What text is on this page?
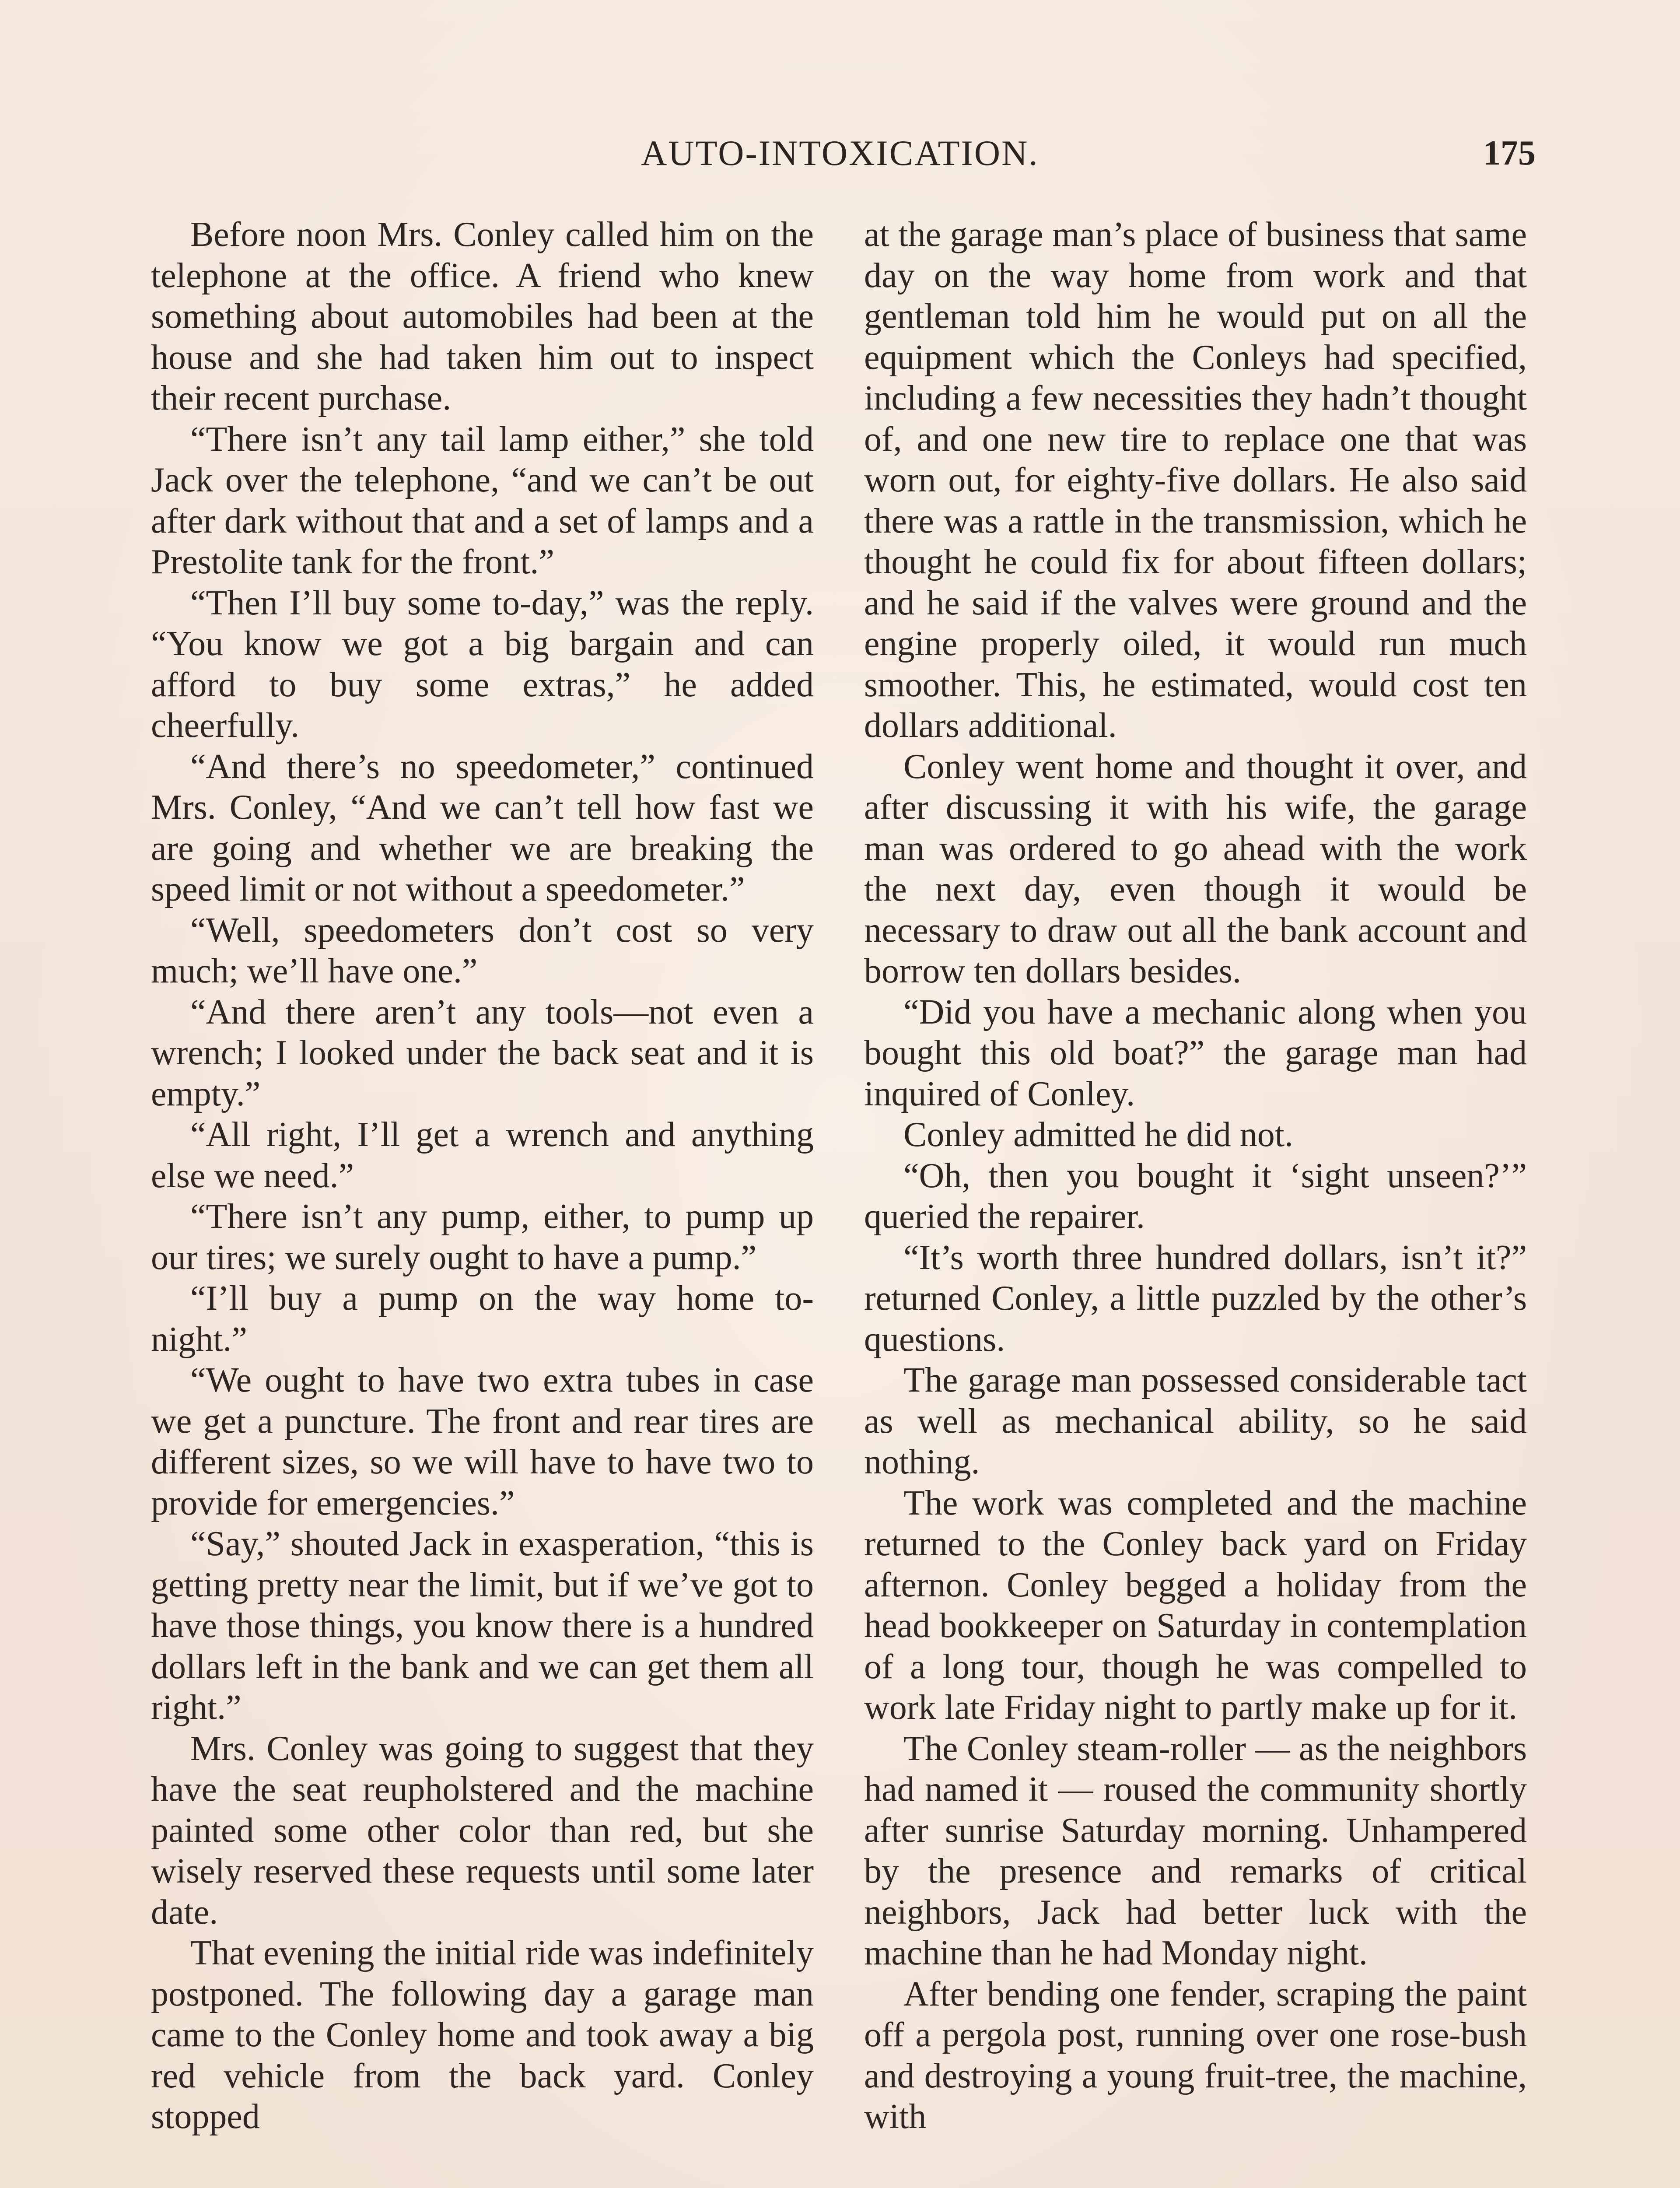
AUTO-INTOXICATION.	175

Before noon Mrs. Conley called him on the telephone at the office. A friend who knew something about automobiles had been at the house and she had taken him out to inspect their recent purchase.

“There isn’t any tail lamp either,” she told Jack over the telephone, “and we can’t be out after dark without that and a set of lamps and a Prestolite tank for the front.”

“Then I’ll buy some to-day,” was the reply. “You know we got a big bargain and can afford to buy some extras,” he added cheerfully.

“And there’s no speedometer,” continued Mrs. Conley, “And we can’t tell how fast we are going and whether we are breaking the speed limit or not without a speedometer.”

“Well, speedometers don’t cost so very much; we’ll have one.”

“And there aren’t any tools—not even a wrench; I looked under the back seat and it is empty.”

“All right, I’ll get a wrench and anything else we need.”

“There isn’t any pump, either, to pump up our tires; we surely ought to have a pump.”

“I’ll buy a pump on the way home to-night.”

“We ought to have two extra tubes in case we get a puncture. The front and rear tires are different sizes, so we will have to have two to provide for emergencies.”

“Say,” shouted Jack in exasperation, “this is getting pretty near the limit, but if we’ve got to have those things, you know there is a hundred dollars left in the bank and we can get them all right.”

Mrs. Conley was going to suggest that they have the seat reupholstered and the machine painted some other color than red, but she wisely reserved these requests until some later date.

That evening the initial ride was indefinitely postponed. The following day a garage man came to the Conley home and took away a big red vehicle from the back yard. Conley stopped

at the garage man’s place of business that same day on the way home from work and that gentleman told him he would put on all the equipment which the Conleys had specified, including a few necessities they hadn’t thought of, and one new tire to replace one that was worn out, for eighty-five dollars. He also said there was a rattle in the transmission, which he thought he could fix for about fifteen dollars; and he said if the valves were ground and the engine properly oiled, it would run much smoother. This, he estimated, would cost ten dollars additional.

Conley went home and thought it over, and after discussing it with his wife, the garage man was ordered to go ahead with the work the next day, even though it would be necessary to draw out all the bank account and borrow ten dollars besides.

“Did you have a mechanic along when you bought this old boat?” the garage man had inquired of Conley.

Conley admitted he did not.

“Oh, then you bought it ‘sight unseen?’” queried the repairer.

“It’s worth three hundred dollars, isn’t it?” returned Conley, a little puzzled by the other’s questions.

The garage man possessed considerable tact as well as mechanical ability, so he said nothing.

The work was completed and the machine returned to the Conley back yard on Friday afternon. Conley begged a holiday from the head bookkeeper on Saturday in contemplation of a long tour, though he was compelled to work late Friday night to partly make up for it.

The Conley steam-roller — as the neighbors had named it — roused the community shortly after sunrise Saturday morning. Unhampered by the presence and remarks of critical neighbors, Jack had better luck with the machine than he had Monday night.

After bending one fender, scraping the paint off a pergola post, running over one rose-bush and destroying a young fruit-tree, the machine, with
